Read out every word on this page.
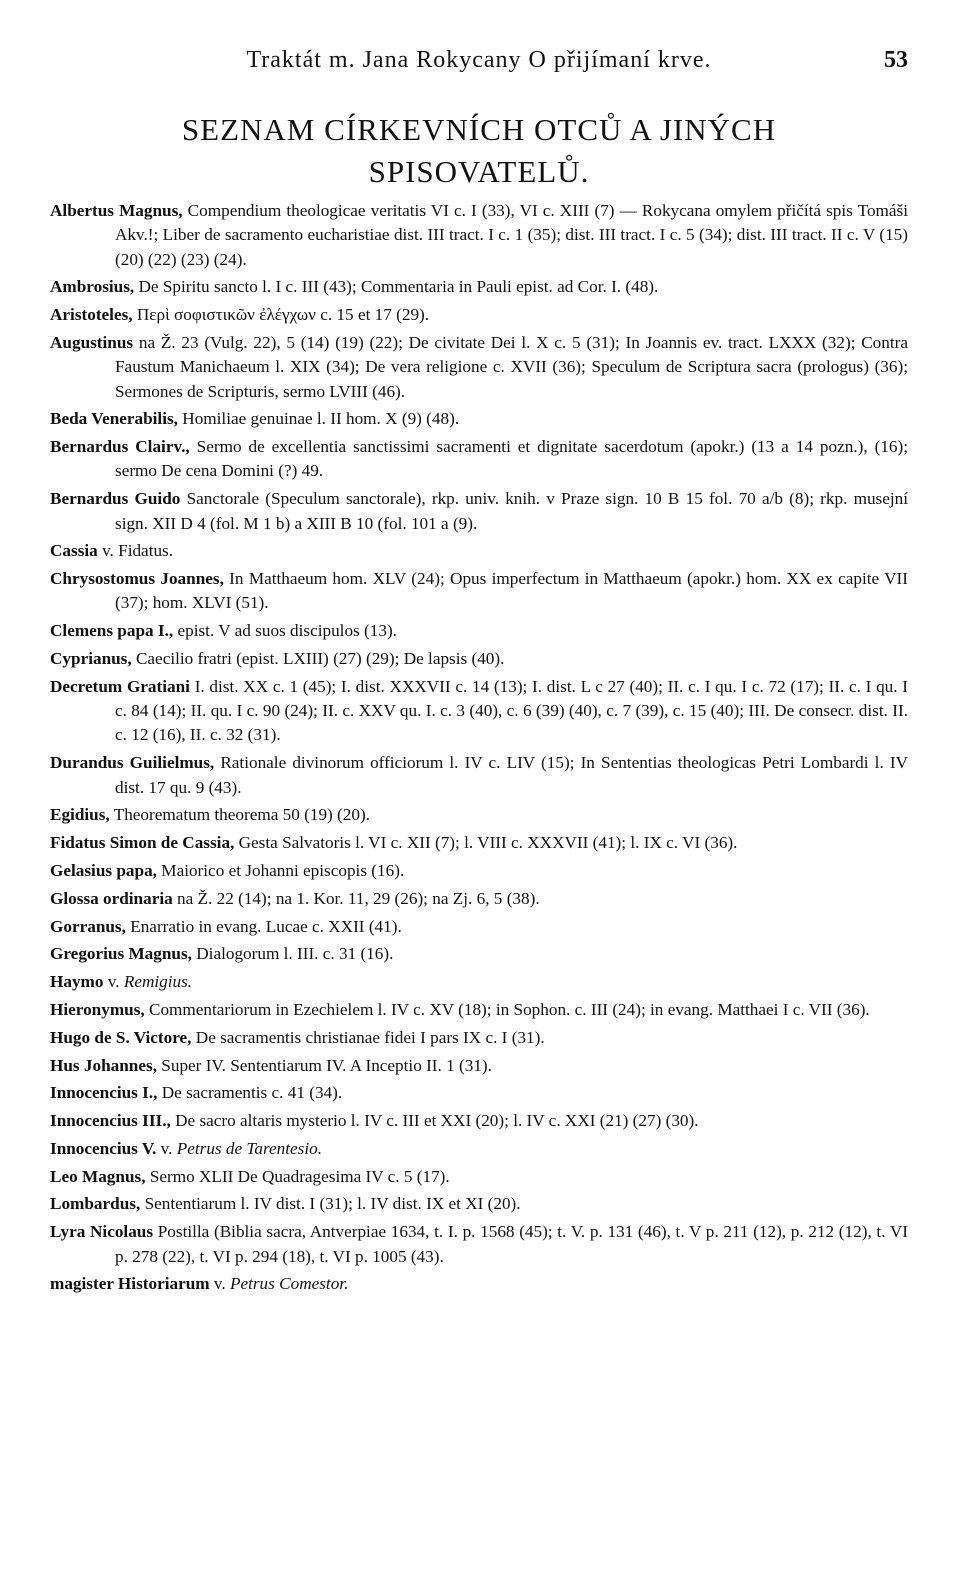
Traktát m. Jana Rokycany O přijímaní krve.	53
SEZNAM CÍRKEVNÍCH OTCŮ A JINÝCH
SPISOVATELŮ.
Albertus Magnus, Compendium theologicae veritatis VI c. I (33), VI c. XIII (7) — Rokycana omylem přičítá spis Tomáši Akv.!; Liber de sacramento eucharistiae dist. III tract. I c. 1 (35); dist. III tract. I c. 5 (34); dist. III tract. II c. V (15) (20) (22) (23) (24).
Ambrosius, De Spiritu sancto l. I c. III (43); Commentaria in Pauli epist. ad Cor. I. (48).
Aristoteles, Περὶ σοφιστικῶν ἐλέγχων c. 15 et 17 (29).
Augustinus na Ž. 23 (Vulg. 22), 5 (14) (19) (22); De civitate Dei l. X c. 5 (31); In Joannis ev. tract. LXXX (32); Contra Faustum Manichaeum l. XIX (34); De vera religione c. XVII (36); Speculum de Scriptura sacra (prologus) (36); Sermones de Scripturis, sermo LVIII (46).
Beda Venerabilis, Homiliae genuinae l. II hom. X (9) (48).
Bernardus Clairv., Sermo de excellentia sanctissimi sacramenti et dignitate sacerdotum (apokr.) (13 a 14 pozn.), (16); sermo De cena Domini (?) 49.
Bernardus Guido Sanctorale (Speculum sanctorale), rkp. univ. knih. v Praze sign. 10 B 15 fol. 70 a/b (8); rkp. musejní sign. XII D 4 (fol. M 1 b) a XIII B 10 (fol. 101 a (9).
Cassia v. Fidatus.
Chrysostomus Joannes, In Matthaeum hom. XLV (24); Opus imperfectum in Matthaeum (apokr.) hom. XX ex capite VII (37); hom. XLVI (51).
Clemens papa I., epist. V ad suos discipulos (13).
Cyprianus, Caecilio fratri (epist. LXIII) (27) (29); De lapsis (40).
Decretum Gratiani I. dist. XX c. 1 (45); I. dist. XXXVII c. 14 (13); I. dist. L c 27 (40); II. c. I qu. I c. 72 (17); II. c. I qu. I c. 84 (14); II. qu. I c. 90 (24); II. c. XXV qu. I. c. 3 (40), c. 6 (39) (40), c. 7 (39), c. 15 (40); III. De consecr. dist. II. c. 12 (16), II. c. 32 (31).
Durandus Guilielmus, Rationale divinorum officiorum l. IV c. LIV (15); In Sententias theologicas Petri Lombardi l. IV dist. 17 qu. 9 (43).
Egidius, Theorematum theorema 50 (19) (20).
Fidatus Simon de Cassia, Gesta Salvatoris l. VI c. XII (7); l. VIII c. XXXVII (41); l. IX c. VI (36).
Gelasius papa, Maiorico et Johanni episcopis (16).
Glossa ordinaria na Ž. 22 (14); na 1. Kor. 11, 29 (26); na Zj. 6, 5 (38).
Gorranus, Enarratio in evang. Lucae c. XXII (41).
Gregorius Magnus, Dialogorum l. III. c. 31 (16).
Haymo v. Remigius.
Hieronymus, Commentariorum in Ezechielem l. IV c. XV (18); in Sophon. c. III (24); in evang. Matthaei I c. VII (36).
Hugo de S. Victore, De sacramentis christianae fidei I pars IX c. I (31).
Hus Johannes, Super IV. Sententiarum IV. A Inceptio II. 1 (31).
Innocencius I., De sacramentis c. 41 (34).
Innocencius III., De sacro altaris mysterio l. IV c. III et XXI (20); l. IV c. XXI (21) (27) (30).
Innocencius V. v. Petrus de Tarentesio.
Leo Magnus, Sermo XLII De Quadragesima IV c. 5 (17).
Lombardus, Sententiarum l. IV dist. I (31); l. IV dist. IX et XI (20).
Lyra Nicolaus Postilla (Biblia sacra, Antverpiae 1634, t. I. p. 1568 (45); t. V. p. 131 (46), t. V p. 211 (12), p. 212 (12), t. VI p. 278 (22), t. VI p. 294 (18), t. VI p. 1005 (43).
magister Historiarum v. Petrus Comestor.
